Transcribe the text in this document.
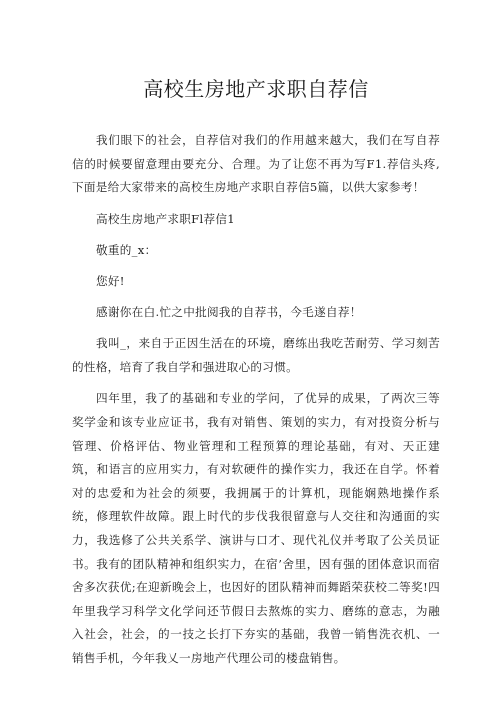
高校生房地产求职自荐信

我们眼下的社会，自荐信对我们的作用越来越大，我们在写自荐信的时候要留意理由要充分、合理。为了让您不再为写F1.荐信头疼,下面是给大家带来的高校生房地产求职自荐信5篇，以供大家参考！

高校生房地产求职Fl荐信1

敬重的_x：

您好!

感谢你在白.忙之中批阅我的自荐书，今毛遂自荐！

我叫_，来自于正因生活在的环境，磨练出我吃苦耐劳、学习刻苦的性格，培育了我自学和强进取心的习惯。

四年里，我了的基础和专业的学问，了优异的成果，了两次三等奖学金和该专业应证书，我有对销售、策划的实力，有对投资分析与管理、价格评估、物业管理和工程预算的理论基础，有对、天正建筑，和语言的应用实力，有对软硬件的操作实力，我还在自学。怀着对的忠爱和为社会的须要，我拥属于的计算机，现能娴熟地操作系统，修理软件故障。跟上时代的步伐我很留意与人交往和沟通面的实力，我选修了公共关系学、演讲与口才、现代礼仪并考取了公关员证书。我有的团队精神和组织实力，在宿’舍里，因有强的团体意识而宿舍多次获优;在迎新晚会上，也因好的团队精神而舞蹈荣获校二等奖!四年里我学习科学文化学问还节假日去熬炼的实力、磨练的意志，为融入社会，社会，的一技之长打下夯实的基础，我曾一销售洗衣机、一销售手机，今年我乂一房地产代理公司的楼盘销售。
